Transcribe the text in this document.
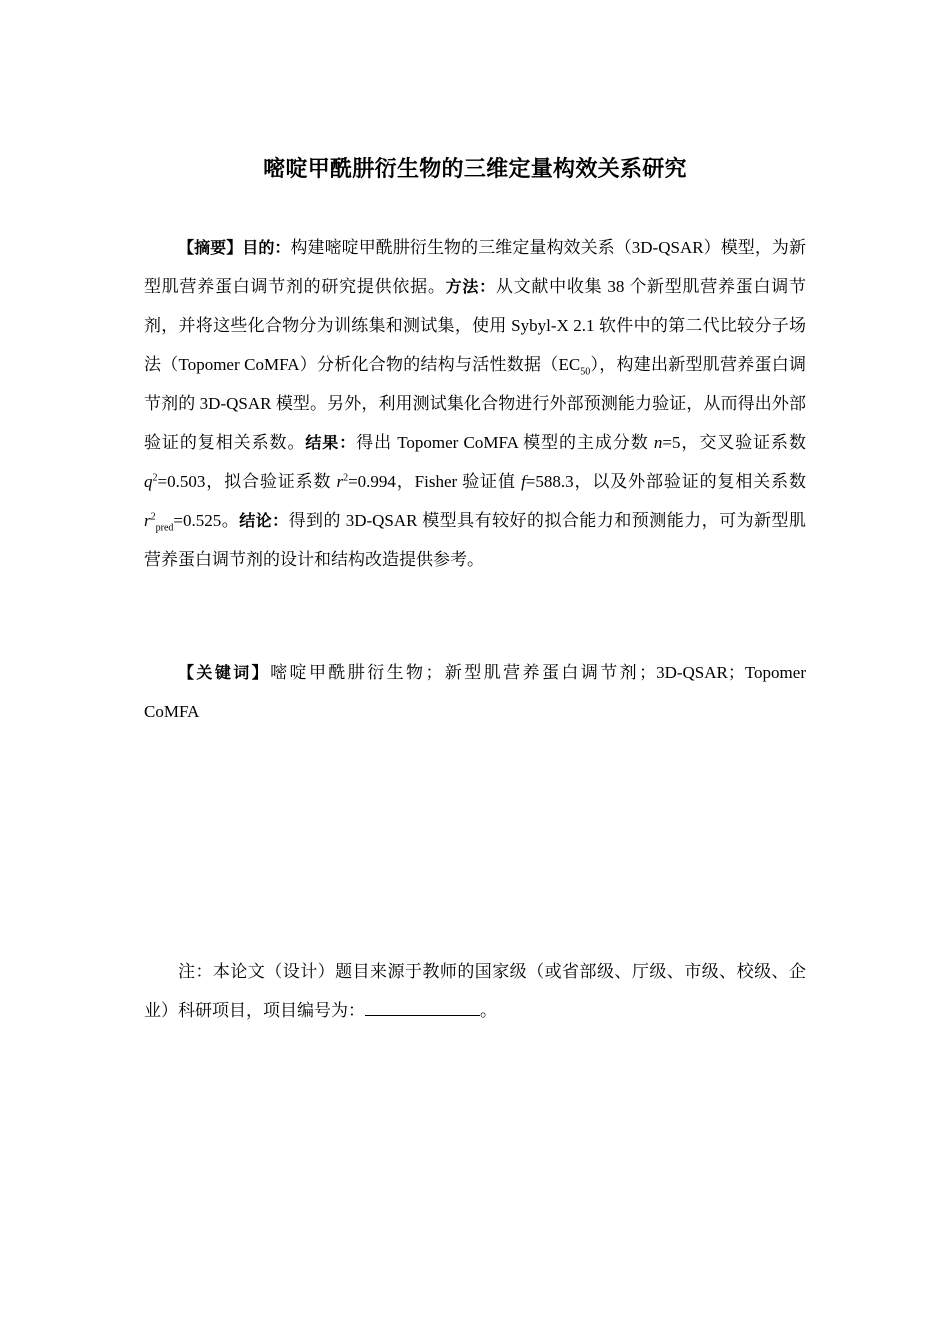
嘧啶甲酰肼衍生物的三维定量构效关系研究
【摘要】目的：构建嘧啶甲酰肼衍生物的三维定量构效关系（3D-QSAR）模型，为新型肌营养蛋白调节剂的研究提供依据。方法：从文献中收集 38 个新型肌营养蛋白调节剂，并将这些化合物分为训练集和测试集，使用 Sybyl-X 2.1 软件中的第二代比较分子场法（Topomer CoMFA）分析化合物的结构与活性数据$(EC_{50})$，构建出新型肌营养蛋白调节剂的 3D-QSAR 模型。另外，利用测试集化合物进行外部预测能力验证，从而得出外部验证的复相关系数。结果：得出 Topomer CoMFA 模型的主成分数 n=5，交叉验证系数 $q^2=0.503$，拟合验证系数 $r^2=0.994$，Fisher 验证值 f=588.3，以及外部验证的复相关系数 $r^2_{pred}=0.525$。结论：得到的 3D-QSAR 模型具有较好的拟合能力和预测能力，可为新型肌营养蛋白调节剂的设计和结构改造提供参考。
【关键词】嘧啶甲酰肼衍生物；新型肌营养蛋白调节剂；3D-QSAR；Topomer CoMFA
注：本论文（设计）题目来源于教师的国家级（或省部级、厅级、市级、校级、企业）科研项目，项目编号为：	。
